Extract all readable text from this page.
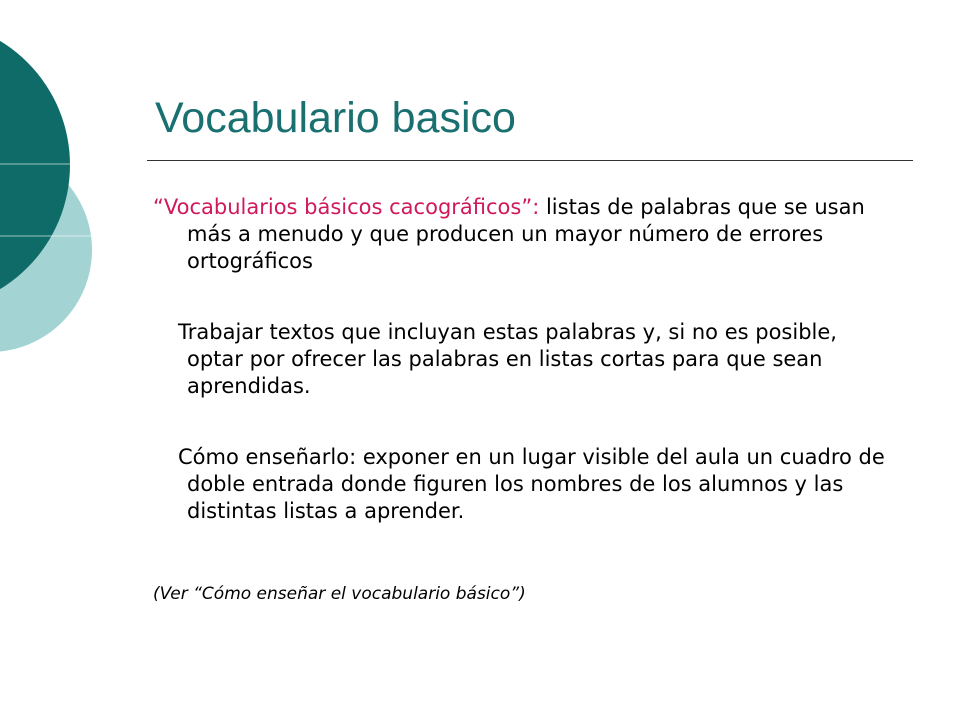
Vocabulario basico

“Vocabularios básicos cacográficos”: listas de palabras que se usan más a menudo y que producen un mayor número de errores ortográficos

Trabajar textos que incluyan estas palabras y, si no es posible, optar por ofrecer las palabras en listas cortas para que sean aprendidas.

Cómo enseñarlo: exponer en un lugar visible del aula un cuadro de doble entrada donde figuren los nombres de los alumnos y las distintas listas a aprender.

(Ver “Cómo enseñar el vocabulario básico”)
